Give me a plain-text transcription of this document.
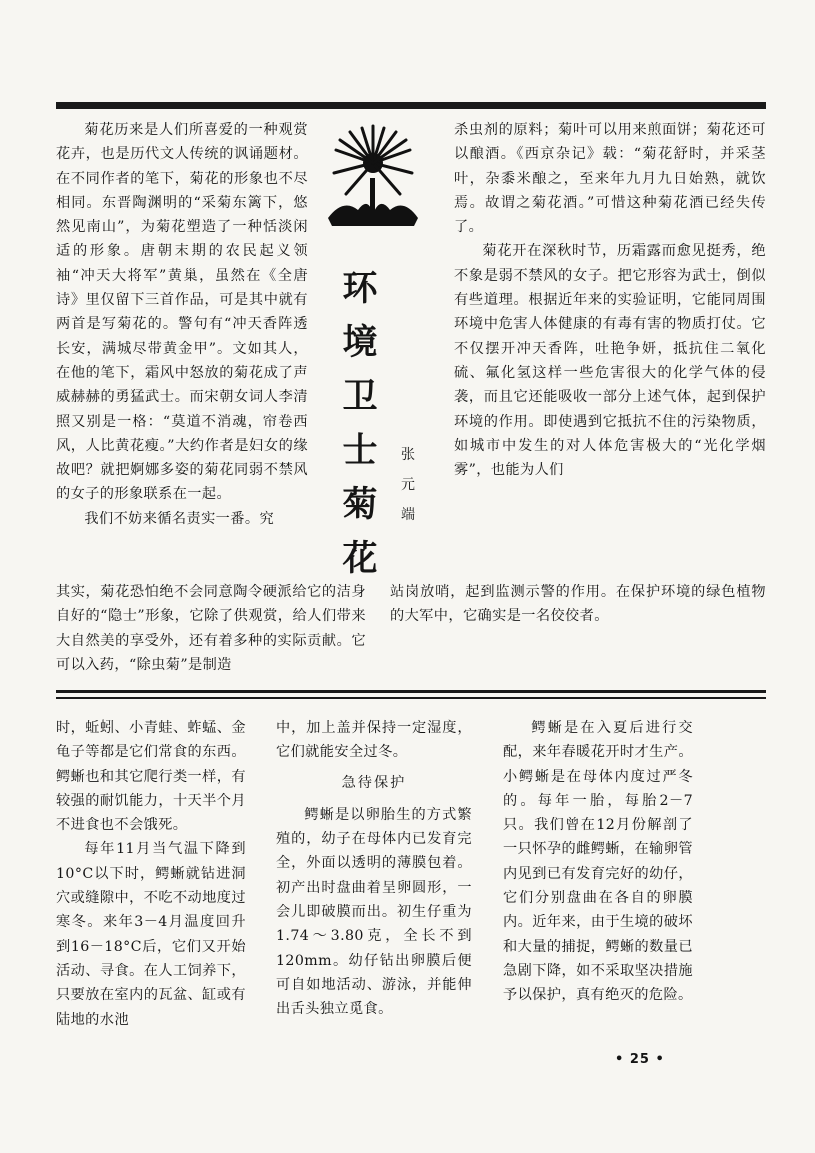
环
境
卫
士
菊
花
张
元
端

菊花历来是人们所喜爱的一种观赏花卉，也是历代文人传统的讽诵题材。在不同作者的笔下，菊花的形象也不尽相同。东晋陶渊明的“采菊东篱下，悠然见南山”，为菊花塑造了一种恬淡闲适的形象。唐朝末期的农民起义领袖“冲天大将军”黄巢，虽然在《全唐诗》里仅留下三首作品，可是其中就有两首是写菊花的。警句有“冲天香阵透长安，满城尽带黄金甲”。文如其人，在他的笔下，霜风中怒放的菊花成了声威赫赫的勇猛武士。而宋朝女词人李清照又别是一格：“莫道不消魂，帘卷西风，人比黄花瘦。”大约作者是妇女的缘故吧？就把婀娜多姿的菊花同弱不禁风的女子的形象联系在一起。

我们不妨来循名责实一番。究

其实，菊花恐怕绝不会同意陶令硬派给它的洁身自好的“隐士”形象，它除了供观赏，给人们带来大自然美的享受外，还有着多种的实际贡献。它可以入药，“除虫菊”是制造

杀虫剂的原料；菊叶可以用来煎面饼；菊花还可以酿酒。《西京杂记》载：“菊花舒时，并采茎叶，杂黍米酿之，至来年九月九日始熟，就饮焉。故谓之菊花酒。”可惜这种菊花酒已经失传了。

菊花开在深秋时节，历霜露而愈见挺秀，绝不象是弱不禁风的女子。把它形容为武士，倒似有些道理。根据近年来的实验证明，它能同周围环境中危害人体健康的有毒有害的物质打仗。它不仅摆开冲天香阵，吐艳争妍，抵抗住二氧化硫、氟化氢这样一些危害很大的化学气体的侵袭，而且它还能吸收一部分上述气体，起到保护环境的作用。即使遇到它抵抗不住的污染物质，如城市中发生的对人体危害极大的“光化学烟雾”，也能为人们

站岗放哨，起到监测示警的作用。在保护环境的绿色植物的大军中，它确实是一名佼佼者。

时，蚯蚓、小青蛙、蚱蜢、金龟子等都是它们常食的东西。鳄蜥也和其它爬行类一样，有较强的耐饥能力，十天半个月不进食也不会饿死。

每年11月当气温下降到10°C以下时，鳄蜥就钻进洞穴或缝隙中，不吃不动地度过寒冬。来年3－4月温度回升到16－18°C后，它们又开始活动、寻食。在人工饲养下，只要放在室内的瓦盆、缸或有陆地的水池

中，加上盖并保持一定湿度，它们就能安全过冬。

急待保护

鳄蜥是以卵胎生的方式繁殖的，幼子在母体内已发育完全，外面以透明的薄膜包着。初产出时盘曲着呈卵圆形，一会儿即破膜而出。初生仔重为1.74～3.80克，全长不到120mm。幼仔钻出卵膜后便可自如地活动、游泳，并能伸出舌头独立觅食。

鳄蜥是在入夏后进行交配，来年春暖花开时才生产。小鳄蜥是在母体内度过严冬的。每年一胎，每胎2－7只。我们曾在12月份解剖了一只怀孕的雌鳄蜥，在输卵管内见到已有发育完好的幼仔，它们分别盘曲在各自的卵膜内。近年来，由于生境的破坏和大量的捕捉，鳄蜥的数量已急剧下降，如不采取坚决措施予以保护，真有绝灭的危险。

• 25 •
